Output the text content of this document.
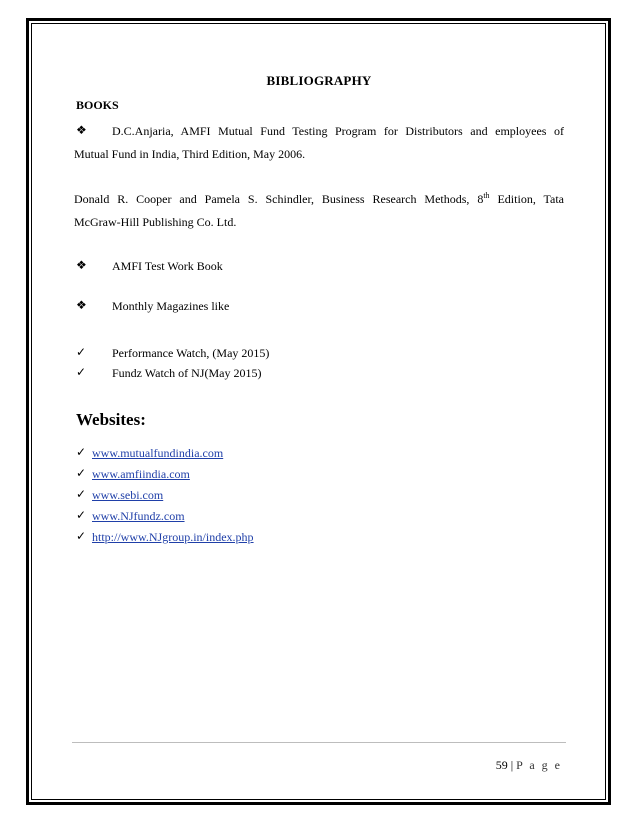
BIBLIOGRAPHY
BOOKS
❖ D.C.Anjaria, AMFI Mutual Fund Testing Program for Distributors and employees of
Mutual Fund in India, Third Edition, May 2006.
Donald R. Cooper and Pamela S. Schindler, Business Research Methods, 8th Edition, Tata
McGraw-Hill Publishing Co. Ltd.
❖ AMFI Test Work Book
❖ Monthly Magazines like
✓ Performance Watch, (May 2015)
✓ Fundz Watch of NJ(May 2015)
Websites:
✓ www.mutualfundindia.com
✓ www.amfiindia.com
✓ www.sebi.com
✓ www.NJfundz.com
✓ http://www.NJgroup.in/index.php
59 | P a g e
